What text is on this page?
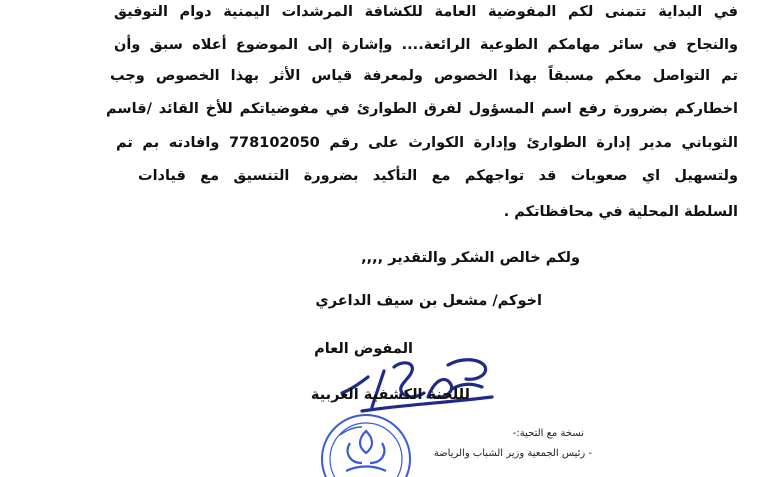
في البداية تتمنى لكم المفوضية العامة للكشافة المرشدات اليمنية دوام التوفيق
والنجاح في سائر مهامكم الطوعية الرائعة.... وإشارة إلى الموضوع أعلاه سبق وأن
تم التواصل معكم مسبقاً بهذا الخصوص ولمعرفة قياس الأثر بهذا الخصوص وجب
اخطاركم بضرورة رفع اسم المسؤول لفرق الطوارئ في مفوضياتكم للأخ القائد /قاسم
الثوباني مدير إدارة الطوارئ وإدارة الكوارث على رقم 778102050 وافادته بم تم
ولتسهيل اي صعوبات قد تواجهكم مع التأكيد بضرورة التنسيق مع قيادات
السلطة المحلية في محافظاتكم .
ولكم خالص الشكر والتقدير ,,,,
اخوكم/ مشعل بن سيف الداعري
المفوض العام
لللجنة الكشفية العربية
نسخة مع التحية:-
- رئيس الجمعية وزير الشباب والرياضة
